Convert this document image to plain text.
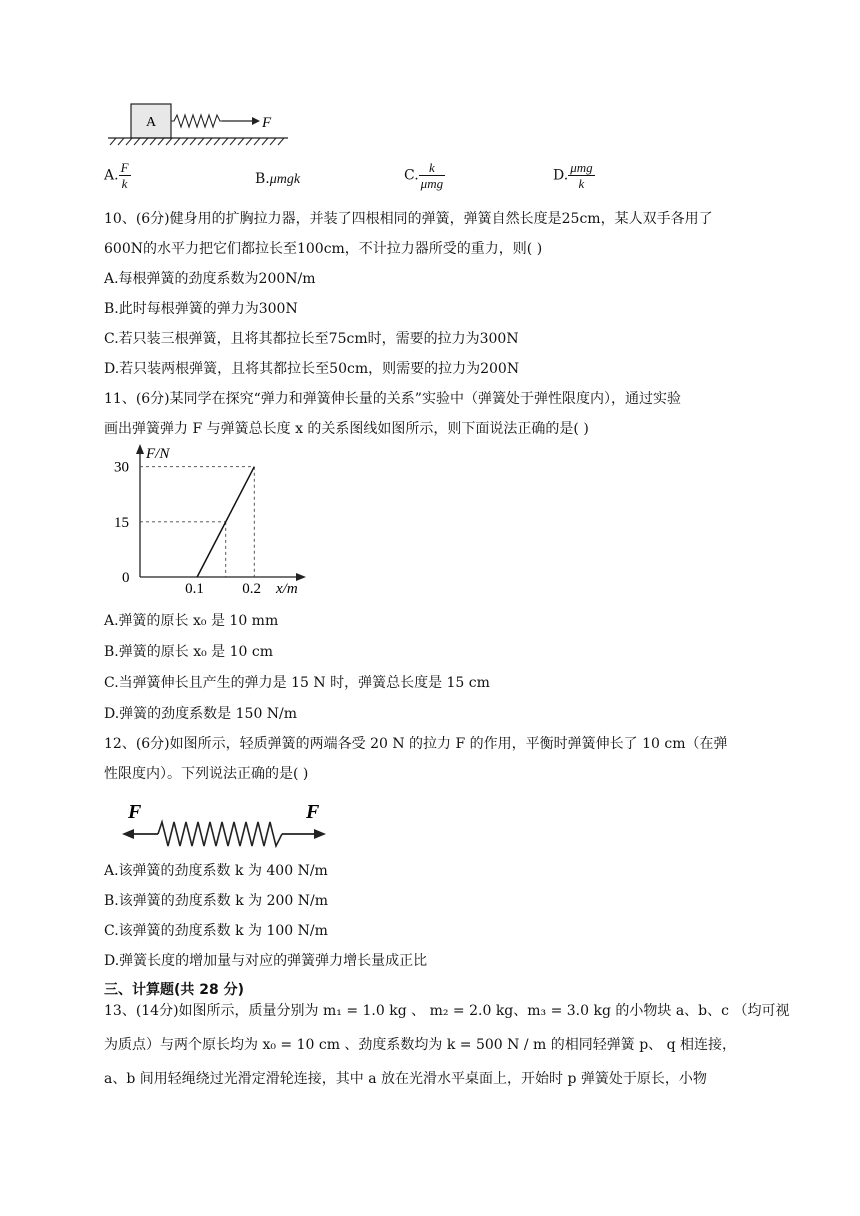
A	F
A. $\frac{F}{k}$	B.μmgk	C. $\frac{k}{\text{μmg}}$	D. $\frac{\text{μmg}}{k}$
10、(6分)健身用的扩胸拉力器，并装了四根相同的弹簧，弹簧自然长度是25cm，某人双手各用了
600N的水平力把它们都拉长至100cm，不计拉力器所受的重力，则( )
A.每根弹簧的劲度系数为200N/m
B.此时每根弹簧的弹力为300N
C.若只装三根弹簧，且将其都拉长至75cm时，需要的拉力为300N
D.若只装两根弹簧，且将其都拉长至50cm，则需要的拉力为200N
11、(6分)某同学在探究“弹力和弹簧伸长量的关系”实验中（弹簧处于弹性限度内），通过实验
画出弹簧弹力 F 与弹簧总长度 x 的关系图线如图所示，则下面说法正确的是( )
F/N
x/m
0
15
30
0.1	0.2
A.弹簧的原长 x₀ 是 10 mm
B.弹簧的原长 x₀ 是 10 cm
C.当弹簧伸长且产生的弹力是 15 N 时，弹簧总长度是 15 cm
D.弹簧的劲度系数是 150 N/m
12、(6分)如图所示，轻质弹簧的两端各受 20 N 的拉力 F 的作用，平衡时弹簧伸长了 10 cm（在弹
性限度内）。下列说法正确的是( )
F	F
A.该弹簧的劲度系数 k 为 400 N/m
B.该弹簧的劲度系数 k 为 200 N/m
C.该弹簧的劲度系数 k 为 100 N/m
D.弹簧长度的增加量与对应的弹簧弹力增长量成正比
三、计算题(共 28 分)
13、(14分)如图所示，质量分别为 m₁ = 1.0 kg 、 m₂ = 2.0 kg、m₃ = 3.0 kg 的小物块 a、b、c （均可视
为质点）与两个原长均为 x₀ = 10 cm 、劲度系数均为 k = 500 N / m 的相同轻弹簧 p、 q 相连接，
a、b 间用轻绳绕过光滑定滑轮连接，其中 a 放在光滑水平桌面上，开始时 p 弹簧处于原长，小物
